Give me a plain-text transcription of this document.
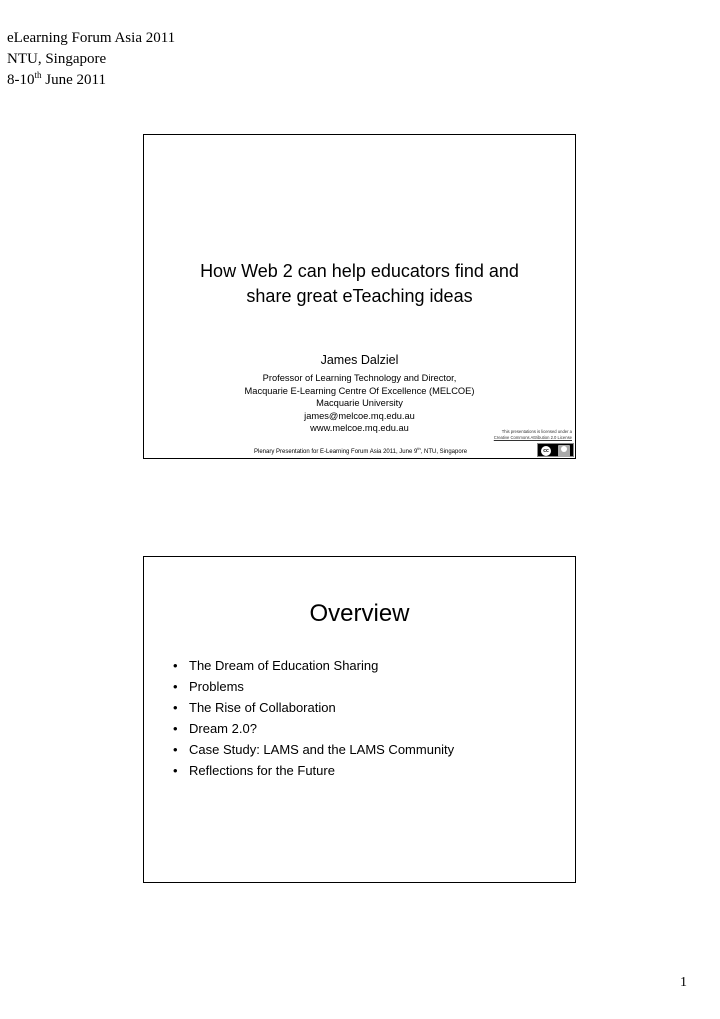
eLearning Forum Asia 2011
NTU, Singapore
8-10th June 2011
How Web 2 can help educators find and
share great eTeaching ideas
James Dalziel
Professor of Learning Technology and Director,
Macquarie E-Learning Centre Of Excellence (MELCOE)
Macquarie University
james@melcoe.mq.edu.au
www.melcoe.mq.edu.au	This presentations is licensed under a
Creative Commons Attribution 2.0 License
Plenary Presentation for E-Learning Forum Asia 2011, June 9th, NTU, Singapore	cc
Overview
• The Dream of Education Sharing
• Problems
• The Rise of Collaboration
• Dream 2.0?
• Case Study: LAMS and the LAMS Community
• Reflections for the Future
1
